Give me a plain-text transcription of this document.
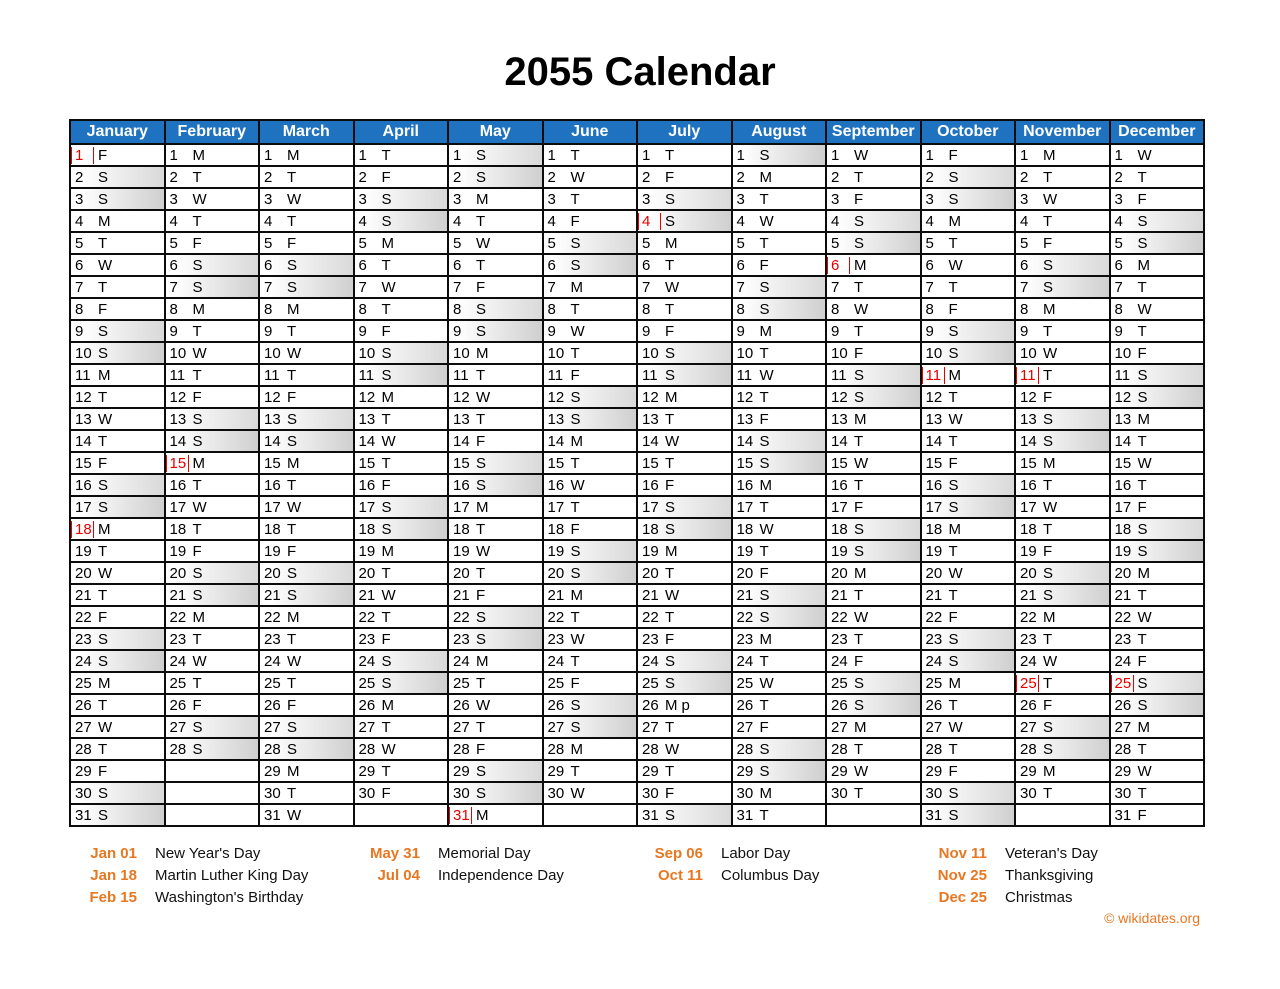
2055 Calendar
January	February	March	April	May	June	July	August	September	October	November	December

1 F	1 M	1 M	1 T	1 S	1 T	1 T	1 S	1 W	1 F	1 M	1 W

2 S	2 T	2 T	2 F	2 S	2 W	2 F	2 M	2 T	2 S	2 T	2 T

3 S	3 W	3 W	3 S	3 M	3 T	3 S	3 T	3 F	3 S	3 W	3 F

4 M	4 T	4 T	4 S	4 T	4 F	4 S	4 W	4 S	4 M	4 T	4 S

5 T	5 F	5 F	5 M	5 W	5 S	5 M	5 T	5 S	5 T	5 F	5 S

6 W	6 S	6 S	6 T	6 T	6 S	6 T	6 F	6 M	6 W	6 S	6 M

7 T	7 S	7 S	7 W	7 F	7 M	7 W	7 S	7 T	7 T	7 S	7 T

8 F	8 M	8 M	8 T	8 S	8 T	8 T	8 S	8 W	8 F	8 M	8 W

9 S	9 T	9 T	9 F	9 S	9 W	9 F	9 M	9 T	9 S	9 T	9 T

10 S	10 W	10 W	10 S	10 M	10 T	10 S	10 T	10 F	10 S	10 W	10 F

11 M	11 T	11 T	11 S	11 T	11 F	11 S	11 W	11 S	11 M	11 T	11 S

12 T	12 F	12 F	12 M	12 W	12 S	12 M	12 T	12 S	12 T	12 F	12 S

13 W	13 S	13 S	13 T	13 T	13 S	13 T	13 F	13 M	13 W	13 S	13 M

14 T	14 S	14 S	14 W	14 F	14 M	14 W	14 S	14 T	14 T	14 S	14 T

15 F	15 M	15 M	15 T	15 S	15 T	15 T	15 S	15 W	15 F	15 M	15 W

16 S	16 T	16 T	16 F	16 S	16 W	16 F	16 M	16 T	16 S	16 T	16 T

17 S	17 W	17 W	17 S	17 M	17 T	17 S	17 T	17 F	17 S	17 W	17 F

18 M	18 T	18 T	18 S	18 T	18 F	18 S	18 W	18 S	18 M	18 T	18 S

19 T	19 F	19 F	19 M	19 W	19 S	19 M	19 T	19 S	19 T	19 F	19 S

20 W	20 S	20 S	20 T	20 T	20 S	20 T	20 F	20 M	20 W	20 S	20 M

21 T	21 S	21 S	21 W	21 F	21 M	21 W	21 S	21 T	21 T	21 S	21 T

22 F	22 M	22 M	22 T	22 S	22 T	22 T	22 S	22 W	22 F	22 M	22 W

23 S	23 T	23 T	23 F	23 S	23 W	23 F	23 M	23 T	23 S	23 T	23 T

24 S	24 W	24 W	24 S	24 M	24 T	24 S	24 T	24 F	24 S	24 W	24 F

25 M	25 T	25 T	25 S	25 T	25 F	25 S	25 W	25 S	25 M	25 T	25 S

26 T	26 F	26 F	26 M	26 W	26 S	26 M p	26 T	26 S	26 T	26 F	26 S

27 W	27 S	27 S	27 T	27 T	27 S	27 T	27 F	27 M	27 W	27 S	27 M

28 T	28 S	28 S	28 W	28 F	28 M	28 W	28 S	28 T	28 T	28 S	28 T

29 F		29 M	29 T	29 S	29 T	29 T	29 S	29 W	29 F	29 M	29 W

30 S		30 T	30 F	30 S	30 W	30 F	30 M	30 T	30 S	30 T	30 T

31 S		31 W		31 M		31 S	31 T		31 S		31 F
Jan 01 New Year's Day
Jan 18 Martin Luther King Day
Feb 15 Washington's Birthday
May 31 Memorial Day
Jul 04 Independence Day
Sep 06 Labor Day
Oct 11 Columbus Day
Nov 11 Veteran's Day
Nov 25 Thanksgiving
Dec 25 Christmas
© wikidates.org
